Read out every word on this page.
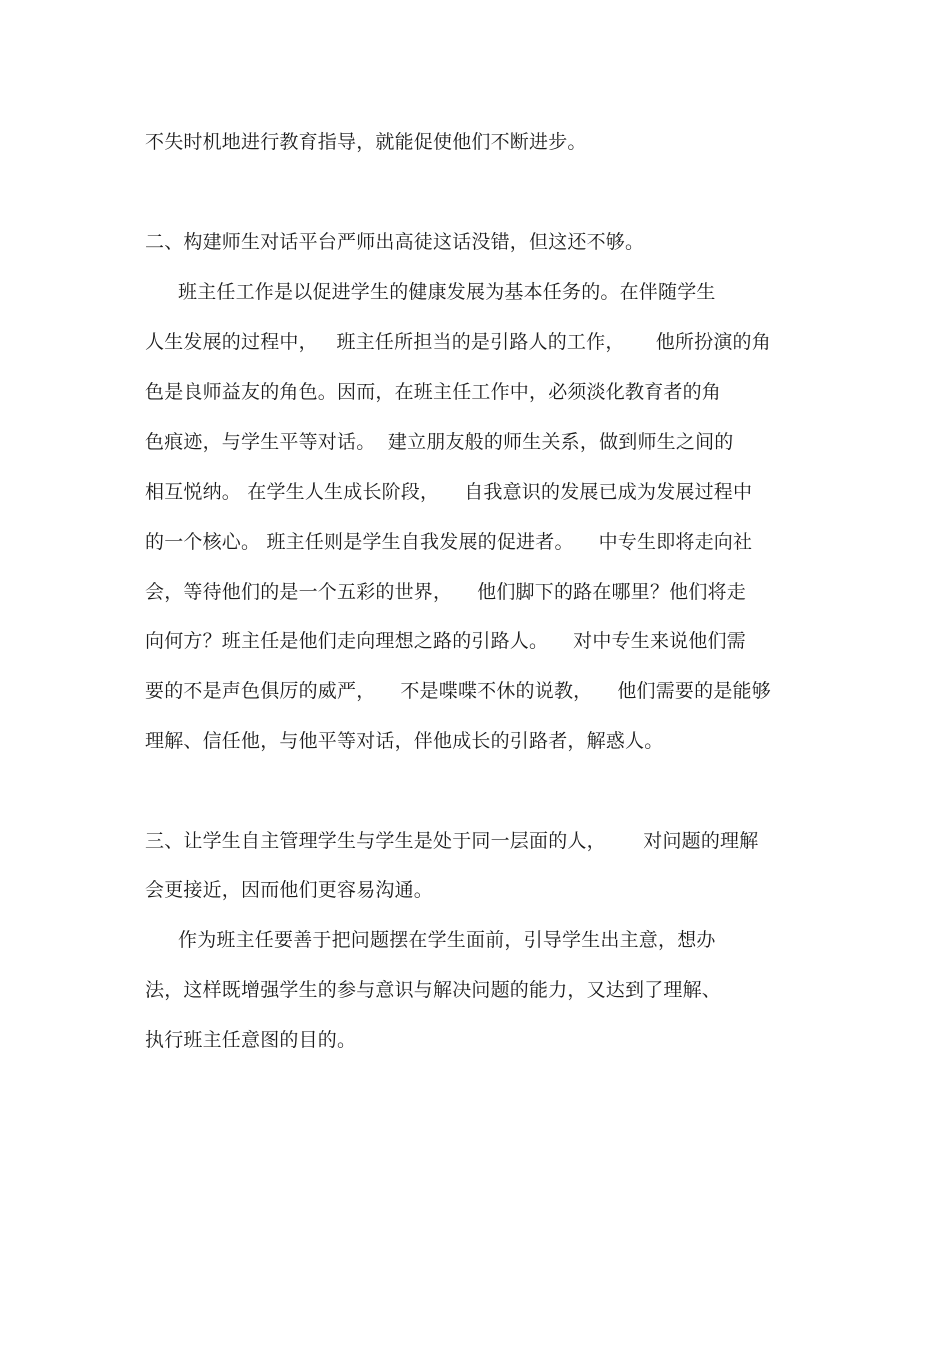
不失时机地进行教育指导，就能促使他们不断进步。
二、构建师生对话平台严师出高徒这话没错，但这还不够。
班主任工作是以促进学生的健康发展为基本任务的。在伴随学生
人生发展的过程中，   班主任所担当的是引路人的工作，     他所扮演的角
色是良师益友的角色。因而，在班主任工作中，必须淡化教育者的角
色痕迹，与学生平等对话。  建立朋友般的师生关系，做到师生之间的
相互悦纳。 在学生人生成长阶段，    自我意识的发展已成为发展过程中
的一个核心。 班主任则是学生自我发展的促进者。    中专生即将走向社
会，等待他们的是一个五彩的世界，    他们脚下的路在哪里？他们将走
向何方？班主任是他们走向理想之路的引路人。    对中专生来说他们需
要的不是声色俱厉的威严，    不是喋喋不休的说教，    他们需要的是能够
理解、信任他，与他平等对话，伴他成长的引路者，解惑人。
三、让学生自主管理学生与学生是处于同一层面的人，      对问题的理解
会更接近，因而他们更容易沟通。
作为班主任要善于把问题摆在学生面前，引导学生出主意，想办
法，这样既增强学生的参与意识与解决问题的能力，又达到了理解、
执行班主任意图的目的。
